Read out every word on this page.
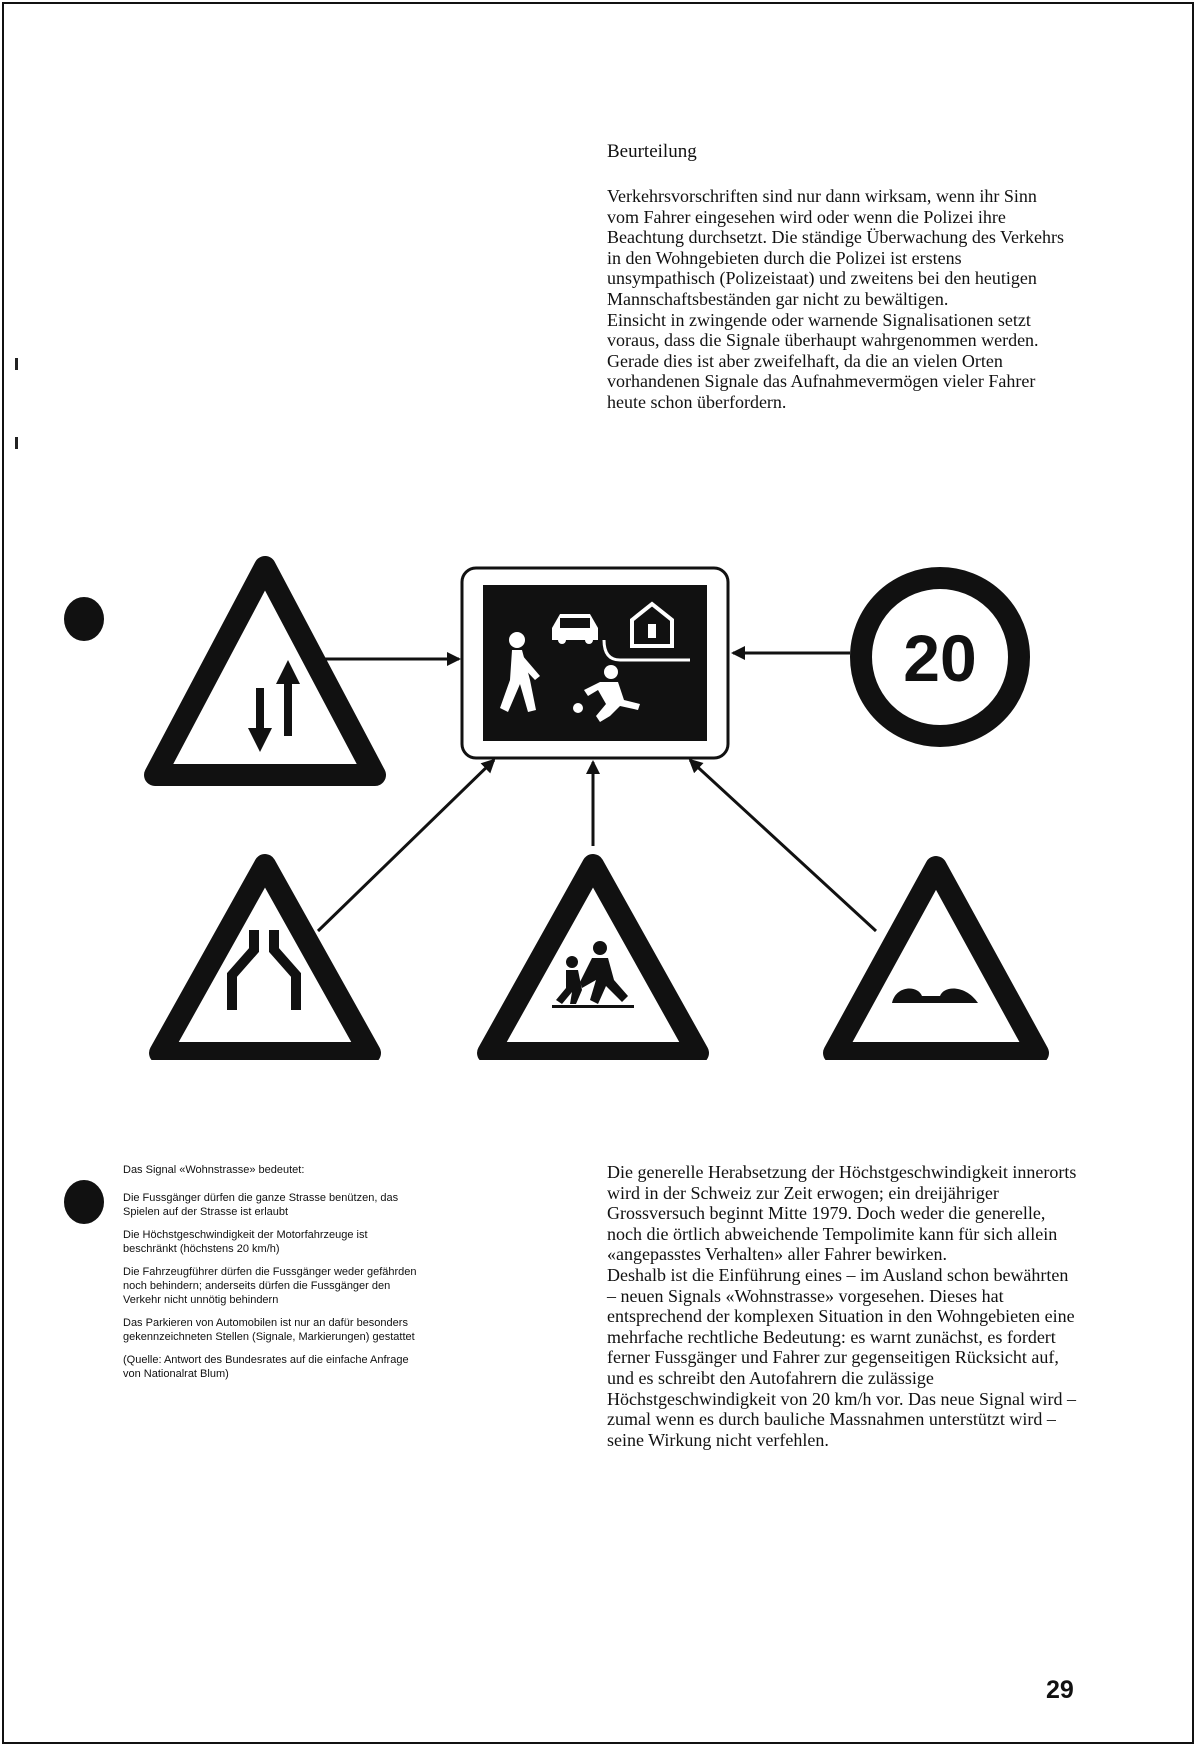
Beurteilung

Verkehrsvorschriften sind nur dann wirksam, wenn ihr Sinn vom Fahrer eingesehen wird oder wenn die Polizei ihre Beachtung durchsetzt. Die ständige Überwachung des Verkehrs in den Wohngebieten durch die Polizei ist erstens unsympathisch (Polizeistaat) und zweitens bei den heutigen Mannschaftsbeständen gar nicht zu bewältigen.

Einsicht in zwingende oder warnende Signalisationen setzt voraus, dass die Signale überhaupt wahrgenommen werden. Gerade dies ist aber zweifelhaft, da die an vielen Orten vorhandenen Signale das Aufnahmevermögen vieler Fahrer heute schon überfordern.

20

Das Signal «Wohnstrasse» bedeutet:

Die Fussgänger dürfen die ganze Strasse benützen, das Spielen auf der Strasse ist erlaubt

Die Höchstgeschwindigkeit der Motorfahrzeuge ist beschränkt (höchstens 20 km/h)

Die Fahrzeugführer dürfen die Fussgänger weder gefährden noch behindern; anderseits dürfen die Fussgänger den Verkehr nicht unnötig behindern

Das Parkieren von Automobilen ist nur an dafür besonders gekennzeichneten Stellen (Signale, Markierungen) gestattet

(Quelle: Antwort des Bundesrates auf die einfache Anfrage von Nationalrat Blum)

Die generelle Herabsetzung der Höchstgeschwindigkeit innerorts wird in der Schweiz zur Zeit erwogen; ein dreijähriger Grossversuch beginnt Mitte 1979. Doch weder die generelle, noch die örtlich abweichende Tempolimite kann für sich allein «angepasstes Verhalten» aller Fahrer bewirken.

Deshalb ist die Einführung eines – im Ausland schon bewährten – neuen Signals «Wohnstrasse» vorgesehen. Dieses hat entsprechend der komplexen Situation in den Wohngebieten eine mehrfache rechtliche Bedeutung: es warnt zunächst, es fordert ferner Fussgänger und Fahrer zur gegenseitigen Rücksicht auf, und es schreibt den Autofahrern die zulässige Höchstgeschwindigkeit von 20 km/h vor. Das neue Signal wird – zumal wenn es durch bauliche Massnahmen unterstützt wird – seine Wirkung nicht verfehlen.

29
